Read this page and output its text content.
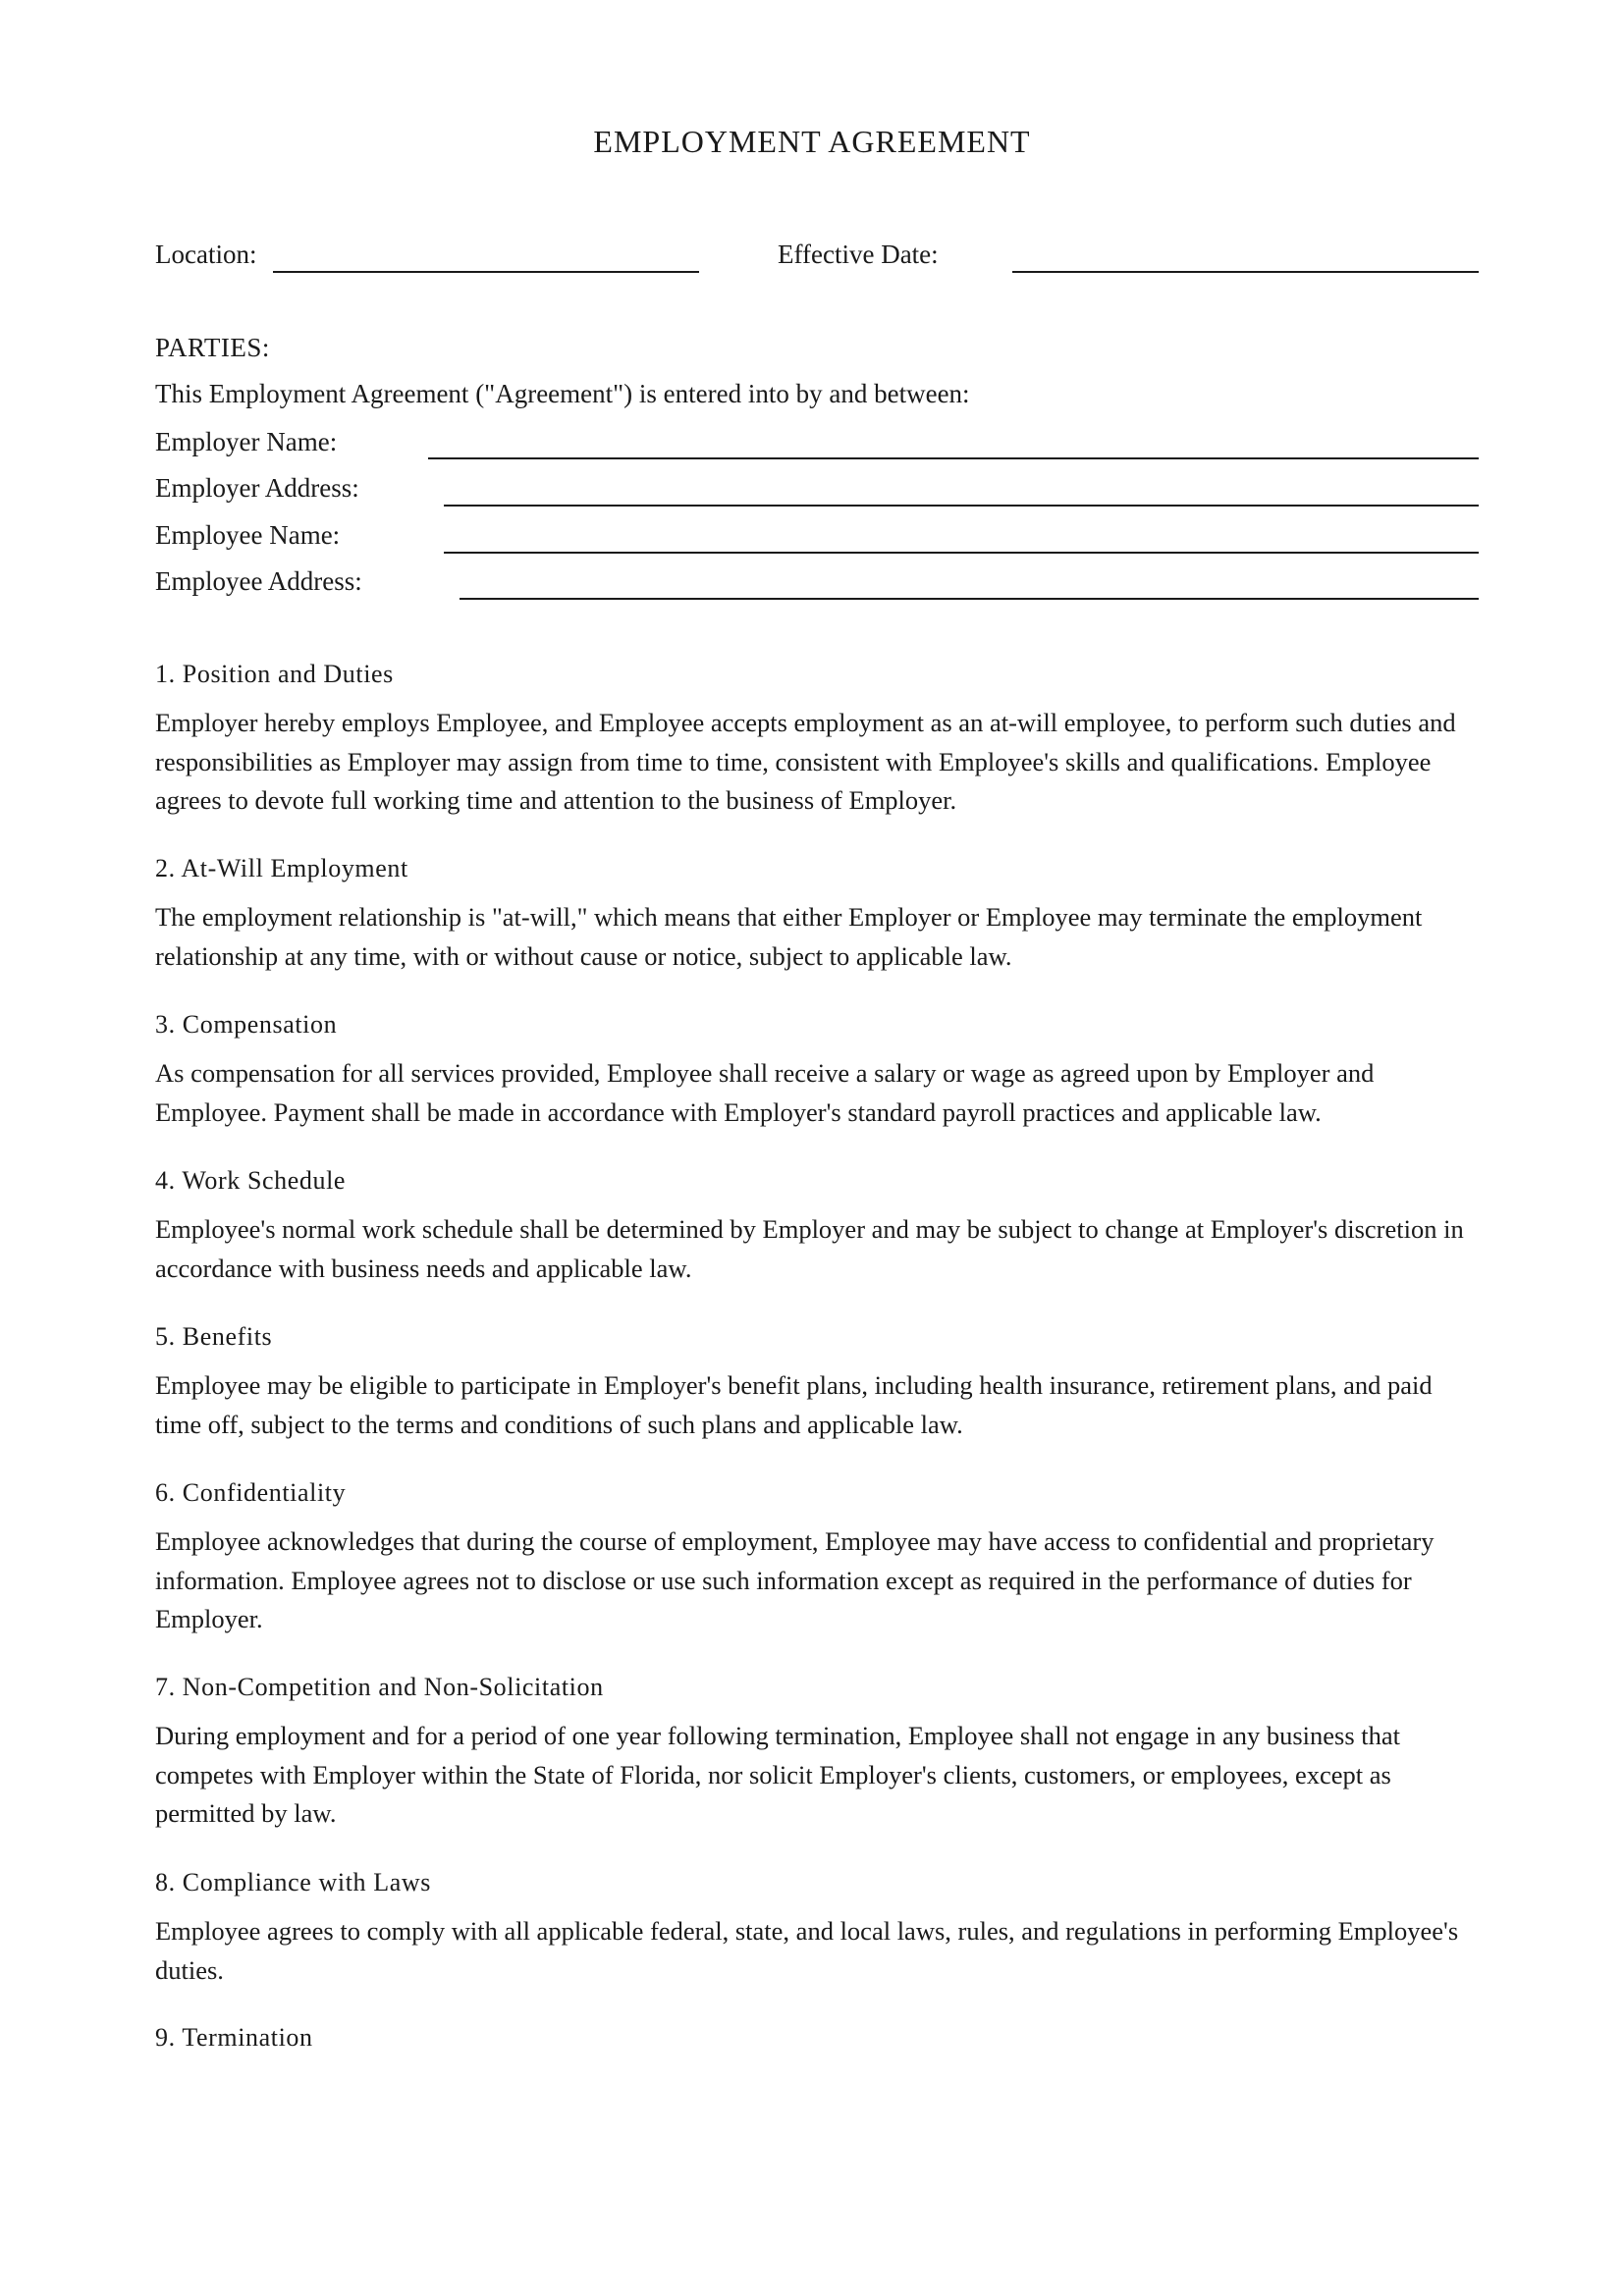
EMPLOYMENT AGREEMENT
Location:	Effective Date:
PARTIES:
This Employment Agreement ("Agreement") is entered into by and between:
Employer Name:
Employer Address:
Employee Name:
Employee Address:
1. Position and Duties

Employer hereby employs Employee, and Employee accepts employment as an at-will employee, to perform such duties and responsibilities as Employer may assign from time to time, consistent with Employee's skills and qualifications. Employee agrees to devote full working time and attention to the business of Employer.

2. At-Will Employment

The employment relationship is "at-will," which means that either Employer or Employee may terminate the employment relationship at any time, with or without cause or notice, subject to applicable law.

3. Compensation

As compensation for all services provided, Employee shall receive a salary or wage as agreed upon by Employer and Employee. Payment shall be made in accordance with Employer's standard payroll practices and applicable law.

4. Work Schedule

Employee's normal work schedule shall be determined by Employer and may be subject to change at Employer's discretion in accordance with business needs and applicable law.

5. Benefits

Employee may be eligible to participate in Employer's benefit plans, including health insurance, retirement plans, and paid time off, subject to the terms and conditions of such plans and applicable law.

6. Confidentiality

Employee acknowledges that during the course of employment, Employee may have access to confidential and proprietary information. Employee agrees not to disclose or use such information except as required in the performance of duties for Employer.

7. Non-Competition and Non-Solicitation

During employment and for a period of one year following termination, Employee shall not engage in any business that competes with Employer within the State of Florida, nor solicit Employer's clients, customers, or employees, except as permitted by law.

8. Compliance with Laws

Employee agrees to comply with all applicable federal, state, and local laws, rules, and regulations in performing Employee's duties.

9. Termination
